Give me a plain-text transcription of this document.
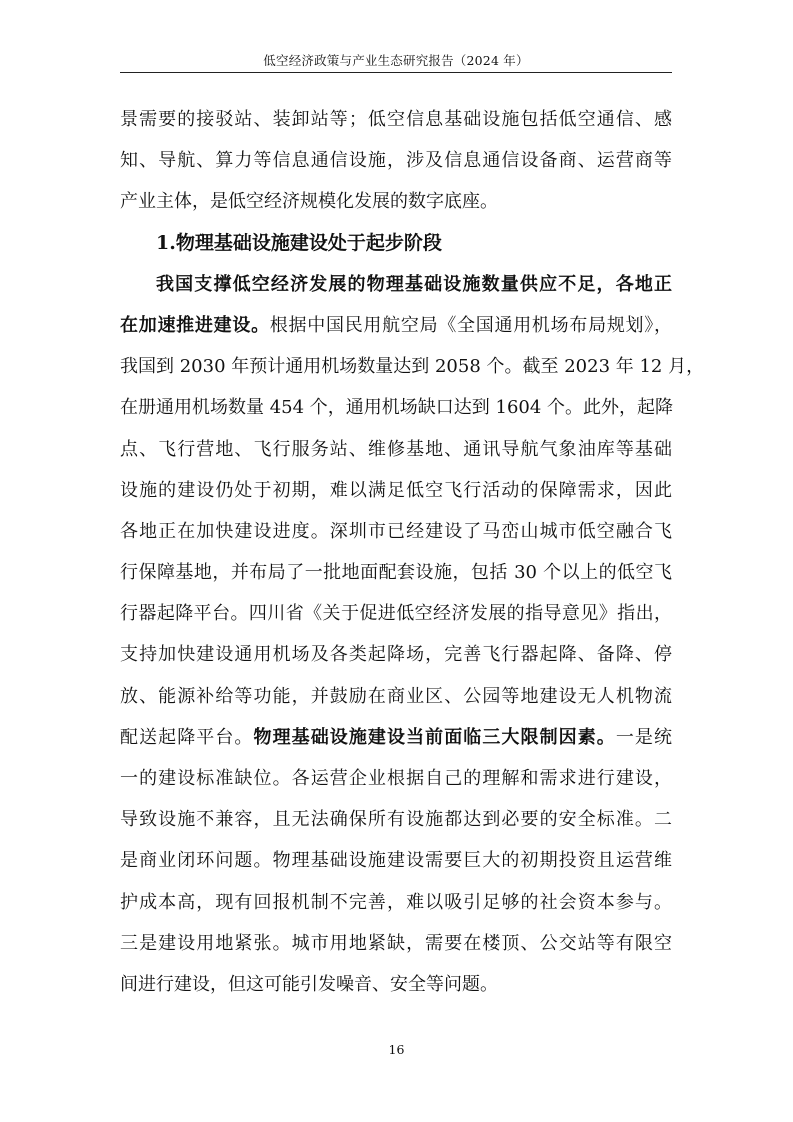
低空经济政策与产业生态研究报告（2024 年）
景需要的接驳站、装卸站等；低空信息基础设施包括低空通信、感
知、导航、算力等信息通信设施，涉及信息通信设备商、运营商等
产业主体，是低空经济规模化发展的数字底座。
1.物理基础设施建设处于起步阶段
我国支撑低空经济发展的物理基础设施数量供应不足，各地正
在加速推进建设。根据中国民用航空局《全国通用机场布局规划》，
我国到 2030 年预计通用机场数量达到 2058 个。截至 2023 年 12 月，
在册通用机场数量 454 个，通用机场缺口达到 1604 个。此外，起降
点、飞行营地、飞行服务站、维修基地、通讯导航气象油库等基础
设施的建设仍处于初期，难以满足低空飞行活动的保障需求，因此
各地正在加快建设进度。深圳市已经建设了马峦山城市低空融合飞
行保障基地，并布局了一批地面配套设施，包括 30 个以上的低空飞
行器起降平台。四川省《关于促进低空经济发展的指导意见》指出，
支持加快建设通用机场及各类起降场，完善飞行器起降、备降、停
放、能源补给等功能，并鼓励在商业区、公园等地建设无人机物流
配送起降平台。物理基础设施建设当前面临三大限制因素。一是统
一的建设标准缺位。各运营企业根据自己的理解和需求进行建设，
导致设施不兼容，且无法确保所有设施都达到必要的安全标准。二
是商业闭环问题。物理基础设施建设需要巨大的初期投资且运营维
护成本高，现有回报机制不完善，难以吸引足够的社会资本参与。
三是建设用地紧张。城市用地紧缺，需要在楼顶、公交站等有限空
间进行建设，但这可能引发噪音、安全等问题。
16
